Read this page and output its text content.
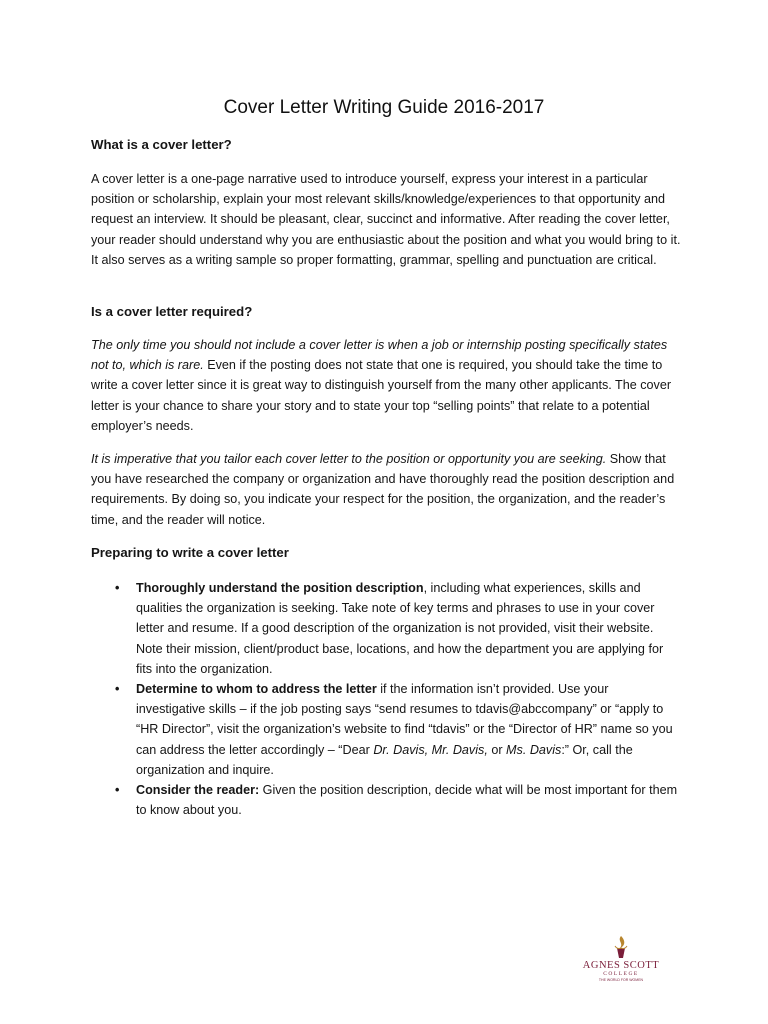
Cover Letter Writing Guide 2016-2017
What is a cover letter?

A cover letter is a one-page narrative used to introduce yourself, express your interest in a particular position or scholarship, explain your most relevant skills/knowledge/experiences to that opportunity and request an interview. It should be pleasant, clear, succinct and informative. After reading the cover letter, your reader should understand why you are enthusiastic about the position and what you would bring to it. It also serves as a writing sample so proper formatting, grammar, spelling and punctuation are critical.

Is a cover letter required?

The only time you should not include a cover letter is when a job or internship posting specifically states not to, which is rare. Even if the posting does not state that one is required, you should take the time to write a cover letter since it is great way to distinguish yourself from the many other applicants. The cover letter is your chance to share your story and to state your top “selling points” that relate to a potential employer’s needs.

It is imperative that you tailor each cover letter to the position or opportunity you are seeking. Show that you have researched the company or organization and have thoroughly read the position description and requirements. By doing so, you indicate your respect for the position, the organization, and the reader’s time, and the reader will notice.

Preparing to write a cover letter
• Thoroughly understand the position description, including what experiences, skills and qualities the organization is seeking. Take note of key terms and phrases to use in your cover letter and resume. If a good description of the organization is not provided, visit their website. Note their mission, client/product base, locations, and how the department you are applying for fits into the organization.
• Determine to whom to address the letter if the information isn’t provided. Use your investigative skills – if the job posting says “send resumes to tdavis@abccompany” or “apply to “HR Director”, visit the organization’s website to find “tdavis” or the “Director of HR” name so you can address the letter accordingly – “Dear Dr. Davis, Mr. Davis, or Ms. Davis:” Or, call the organization and inquire.
• Consider the reader: Given the position description, decide what will be most important for them to know about you.
AGNES SCOTT
COLLEGE
THE WORLD FOR WOMEN
